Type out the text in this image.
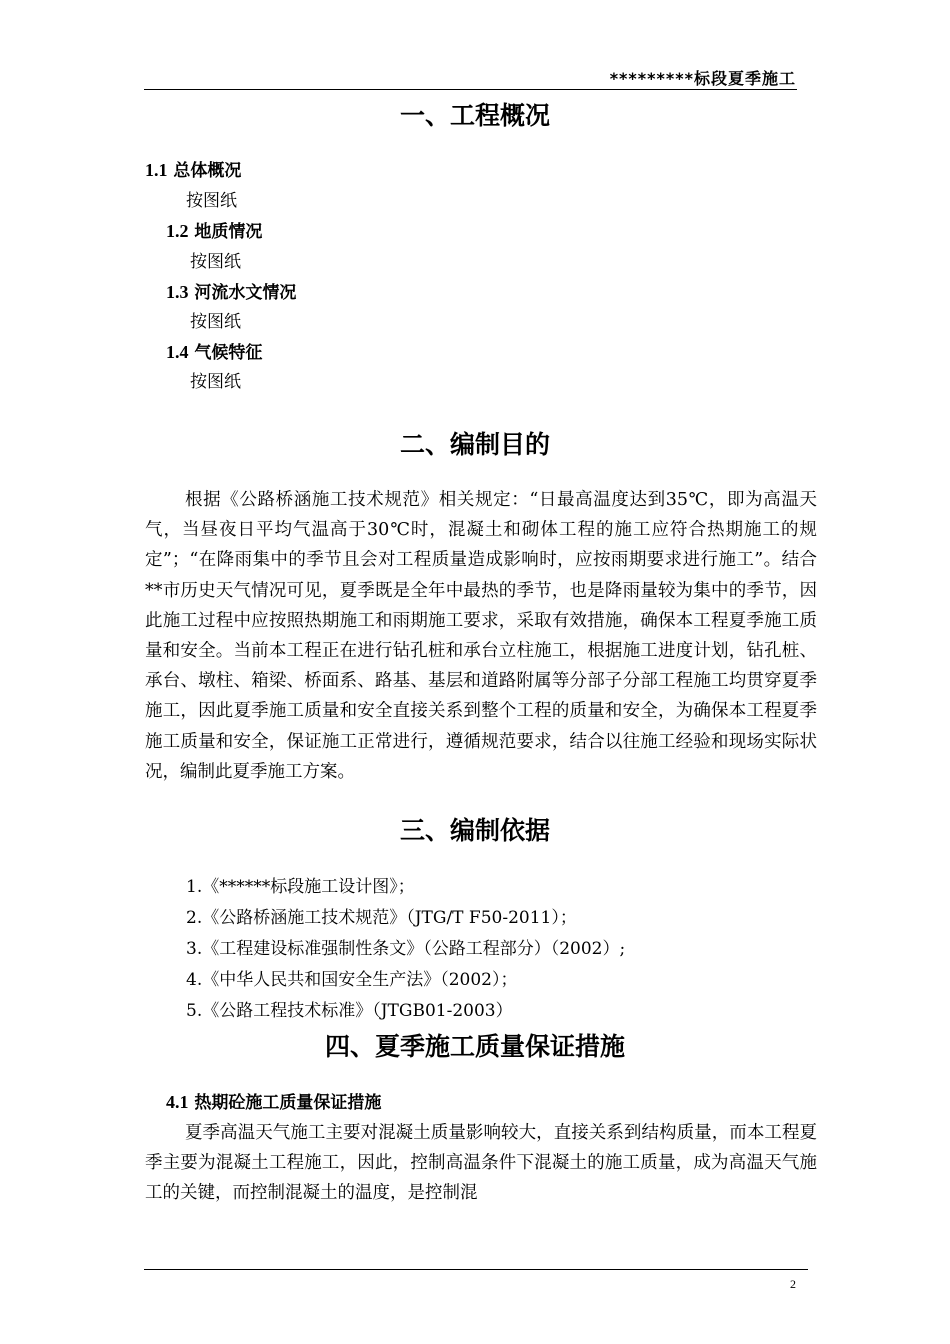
*********标段夏季施工
一、工程概况
1.1 总体概况
按图纸
1.2 地质情况
按图纸
1.3 河流水文情况
按图纸
1.4 气候特征
按图纸
二、编制目的

根据《公路桥涵施工技术规范》相关规定：“日最高温度达到35℃，即为高温天气，当昼夜日平均气温高于30℃时，混凝土和砌体工程的施工应符合热期施工的规定”；“在降雨集中的季节且会对工程质量造成影响时，应按雨期要求进行施工”。结合**市历史天气情况可见，夏季既是全年中最热的季节，也是降雨量较为集中的季节，因此施工过程中应按照热期施工和雨期施工要求，采取有效措施，确保本工程夏季施工质量和安全。当前本工程正在进行钻孔桩和承台立柱施工，根据施工进度计划，钻孔桩、承台、墩柱、箱梁、桥面系、路基、基层和道路附属等分部子分部工程施工均贯穿夏季施工，因此夏季施工质量和安全直接关系到整个工程的质量和安全，为确保本工程夏季施工质量和安全，保证施工正常进行，遵循规范要求，结合以往施工经验和现场实际状况，编制此夏季施工方案。

三、编制依据
1.《******标段施工设计图》；
2.《公路桥涵施工技术规范》（JTG/T F50-2011）；
3.《工程建设标准强制性条文》（公路工程部分）（2002）;
4.《中华人民共和国安全生产法》（2002）；
5.《公路工程技术标准》（JTGB01-2003）
四、夏季施工质量保证措施
4.1 热期砼施工质量保证措施

夏季高温天气施工主要对混凝土质量影响较大，直接关系到结构质量，而本工程夏季主要为混凝土工程施工，因此，控制高温条件下混凝土的施工质量，成为高温天气施工的关键，而控制混凝土的温度，是控制混

2
